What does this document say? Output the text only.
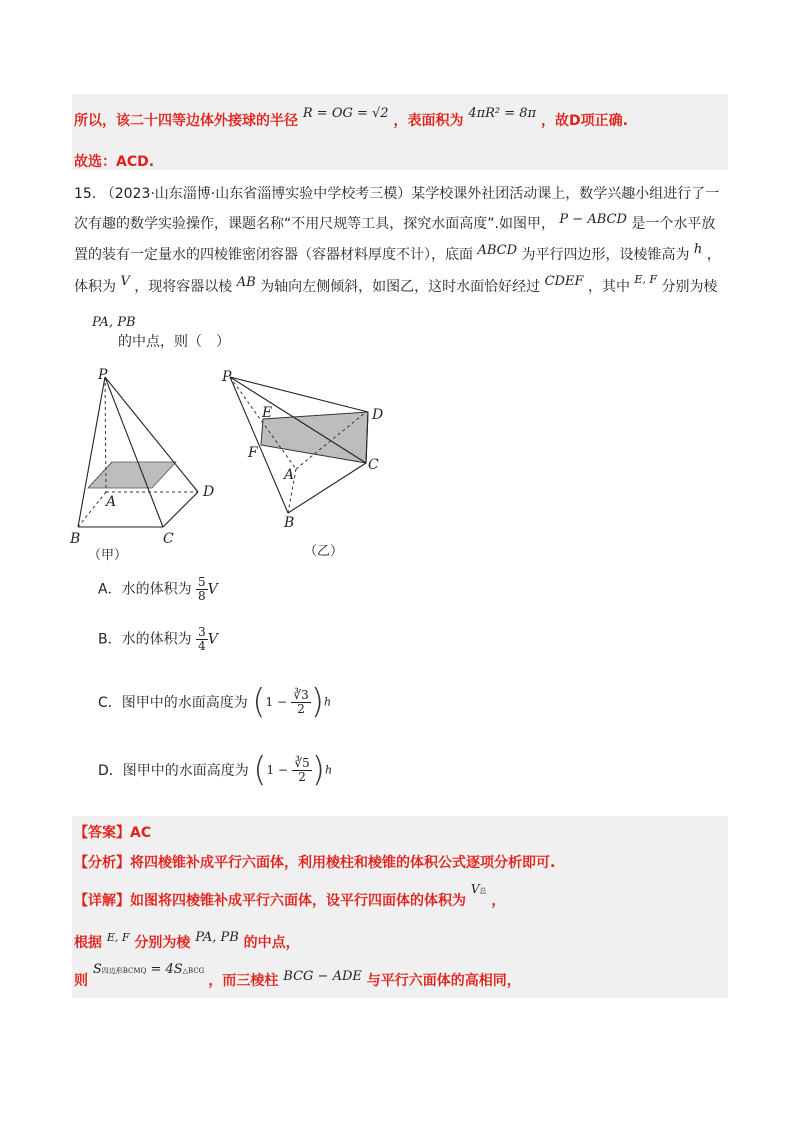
所以，该二十四等边体外接球的半径 R = OG = √2 ，表面积为 4πR² = 8π ，故D项正确.
故选：ACD.
15. （2023·山东淄博·山东省淄博实验中学校考三模）某学校课外社团活动课上，数学兴趣小组进行了一
次有趣的数学实验操作，课题名称“不用尺规等工具，探究水面高度”.如图甲， P − ABCD 是一个水平放
置的装有一定量水的四棱锥密闭容器（容器材料厚度不计），底面 ABCD 为平行四边形，设棱锥高为 h ，
体积为 V ，现将容器以棱 AB 为轴向左侧倾斜，如图乙，这时水面恰好经过 CDEF ，其中 $^{E, F}$ 分别为棱
PA, PB
的中点，则（　）
P
A
B	C
D
（甲）
P
E	D
F
A
C
B
（乙）
A．水的体积为 $\frac{5}{8}$ V
B．水的体积为 $\frac{3}{4}$ V
C．图甲中的水面高度为 $(1 - \frac{∛3}{2} )h$
D．图甲中的水面高度为 $(1 - \frac{∛5}{2} )h$
【答案】AC
【分析】将四棱锥补成平行六面体，利用棱柱和棱锥的体积公式逐项分析即可.
【详解】如图将四棱锥补成平行六面体，设平行四面体的体积为 V总 ，
根据 $^{E, F}$ 分别为棱 PA, PB 的中点，
则 S四边形BCMQ = 4S△BCG ，而三棱柱 BCG − ADE 与平行六面体的高相同，
